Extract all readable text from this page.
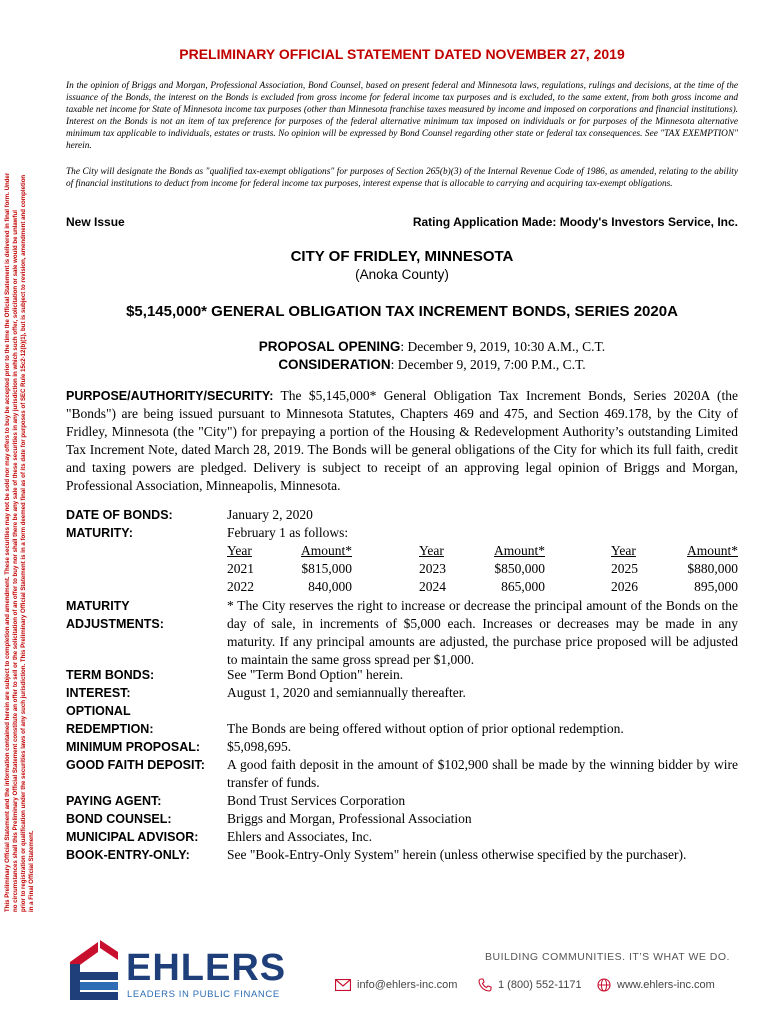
This Preliminary Official Statement and the information contained herein are subject to completion and amendment. These securities may not be sold nor may offers to buy be accepted prior to the time the Official Statement is delivered in final form. Under no circumstances shall this Preliminary Official Statement constitute an offer to sell or the solicitation of an offer to buy nor shall there be any sale of these securities in any jurisdiction in which such offer, solicitation or sale would be unlawful prior to registration or qualification under the securities laws of any such jurisdiction. This Preliminary Official Statement is in a form deemed final as of its date for purposes of SEC Rule 15c2-12(b)(1), but is subject to revision, amendment and completion in a Final Official Statement.
PRELIMINARY OFFICIAL STATEMENT DATED NOVEMBER 27, 2019
In the opinion of Briggs and Morgan, Professional Association, Bond Counsel, based on present federal and Minnesota laws, regulations, rulings and decisions, at the time of the issuance of the Bonds, the interest on the Bonds is excluded from gross income for federal income tax purposes and is excluded, to the same extent, from both gross income and taxable net income for State of Minnesota income tax purposes (other than Minnesota franchise taxes measured by income and imposed on corporations and financial institutions). Interest on the Bonds is not an item of tax preference for purposes of the federal alternative minimum tax imposed on individuals or for purposes of the Minnesota alternative minimum tax applicable to individuals, estates or trusts. No opinion will be expressed by Bond Counsel regarding other state or federal tax consequences. See "TAX EXEMPTION" herein.
The City will designate the Bonds as "qualified tax-exempt obligations" for purposes of Section 265(b)(3) of the Internal Revenue Code of 1986, as amended, relating to the ability of financial institutions to deduct from income for federal income tax purposes, interest expense that is allocable to carrying and acquiring tax-exempt obligations.
New Issue	Rating Application Made: Moody's Investors Service, Inc.
CITY OF FRIDLEY, MINNESOTA
(Anoka County)
$5,145,000* GENERAL OBLIGATION TAX INCREMENT BONDS, SERIES 2020A
PROPOSAL OPENING: December 9, 2019, 10:30 A.M., C.T.
CONSIDERATION: December 9, 2019, 7:00 P.M., C.T.
PURPOSE/AUTHORITY/SECURITY: The $5,145,000* General Obligation Tax Increment Bonds, Series 2020A (the "Bonds") are being issued pursuant to Minnesota Statutes, Chapters 469 and 475, and Section 469.178, by the City of Fridley, Minnesota (the "City") for prepaying a portion of the Housing & Redevelopment Authority’s outstanding Limited Tax Increment Note, dated March 28, 2019. The Bonds will be general obligations of the City for which its full faith, credit and taxing powers are pledged. Delivery is subject to receipt of an approving legal opinion of Briggs and Morgan, Professional Association, Minneapolis, Minnesota.
DATE OF BONDS:	January 2, 2020
MATURITY:	February 1 as follows:
Year	Amount*	Year	Amount*	Year	Amount*
2021	$815,000	2023	$850,000	2025	$880,000
2022	840,000	2024	865,000	2026	895,000
MATURITY
ADJUSTMENTS:
* The City reserves the right to increase or decrease the principal amount of the Bonds on the day of sale, in increments of $5,000 each. Increases or decreases may be made in any maturity. If any principal amounts are adjusted, the purchase price proposed will be adjusted to maintain the same gross spread per $1,000.
TERM BONDS:	See "Term Bond Option" herein.
INTEREST:	August 1, 2020 and semiannually thereafter.
OPTIONAL
REDEMPTION:	The Bonds are being offered without option of prior optional redemption.
MINIMUM PROPOSAL: $5,098,695.
GOOD FAITH DEPOSIT: A good faith deposit in the amount of $102,900 shall be made by the winning bidder by wire transfer of funds.
PAYING AGENT:	Bond Trust Services Corporation
BOND COUNSEL:	Briggs and Morgan, Professional Association
MUNICIPAL ADVISOR: Ehlers and Associates, Inc.
BOOK-ENTRY-ONLY:	See "Book-Entry-Only System" herein (unless otherwise specified by the purchaser).
EHLERS
LEADERS IN PUBLIC FINANCE
BUILDING COMMUNITIES. IT’S WHAT WE DO.
info@ehlers-inc.com	1 (800) 552-1171	www.ehlers-inc.com
